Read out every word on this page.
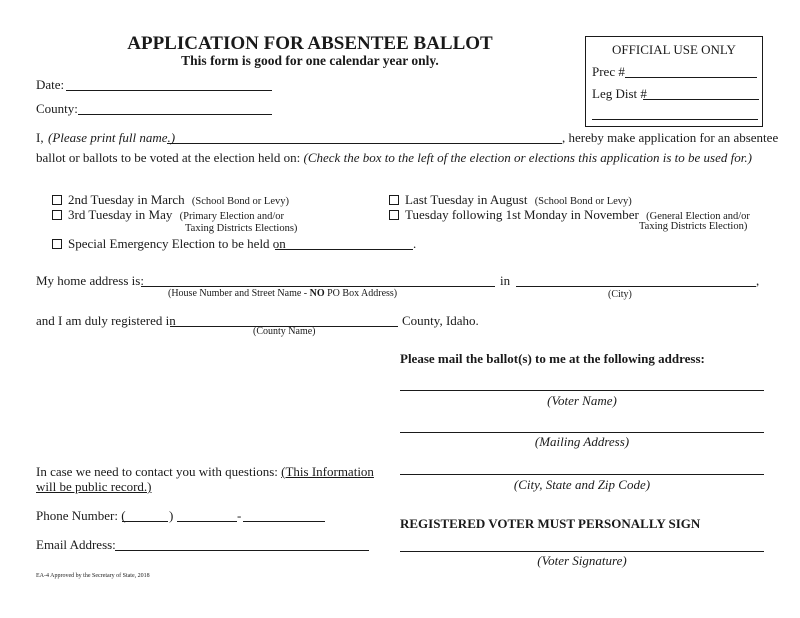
APPLICATION FOR ABSENTEE BALLOT
This form is good for one calendar year only.
OFFICIAL USE ONLY
Prec #
Leg Dist #
Date:
County:
I, (Please print full name.)	, hereby make application for an absentee
ballot or ballots to be voted at the election held on: (Check the box to the left of the election or elections this application is to be used for.)
2nd Tuesday in March (School Bond or Levy)
3rd Tuesday in May (Primary Election and/or
Taxing Districts Elections)
Special Emergency Election to be held on	.
Last Tuesday in August (School Bond or Levy)
Tuesday following 1st Monday in November (General Election and/or
Taxing Districts Election)
My home address is:	in	,
(House Number and Street Name - NO PO Box Address)	(City)
and I am duly registered in	County, Idaho.
(County Name)
Please mail the ballot(s) to me at the following address:
(Voter Name)
(Mailing Address)
(City, State and Zip Code)
REGISTERED VOTER MUST PERSONALLY SIGN
(Voter Signature)
In case we need to contact you with questions: (This Information
will be public record.)
Phone Number: (	)	-
Email Address:
EA-4 Approved by the Secretary of State, 2018
